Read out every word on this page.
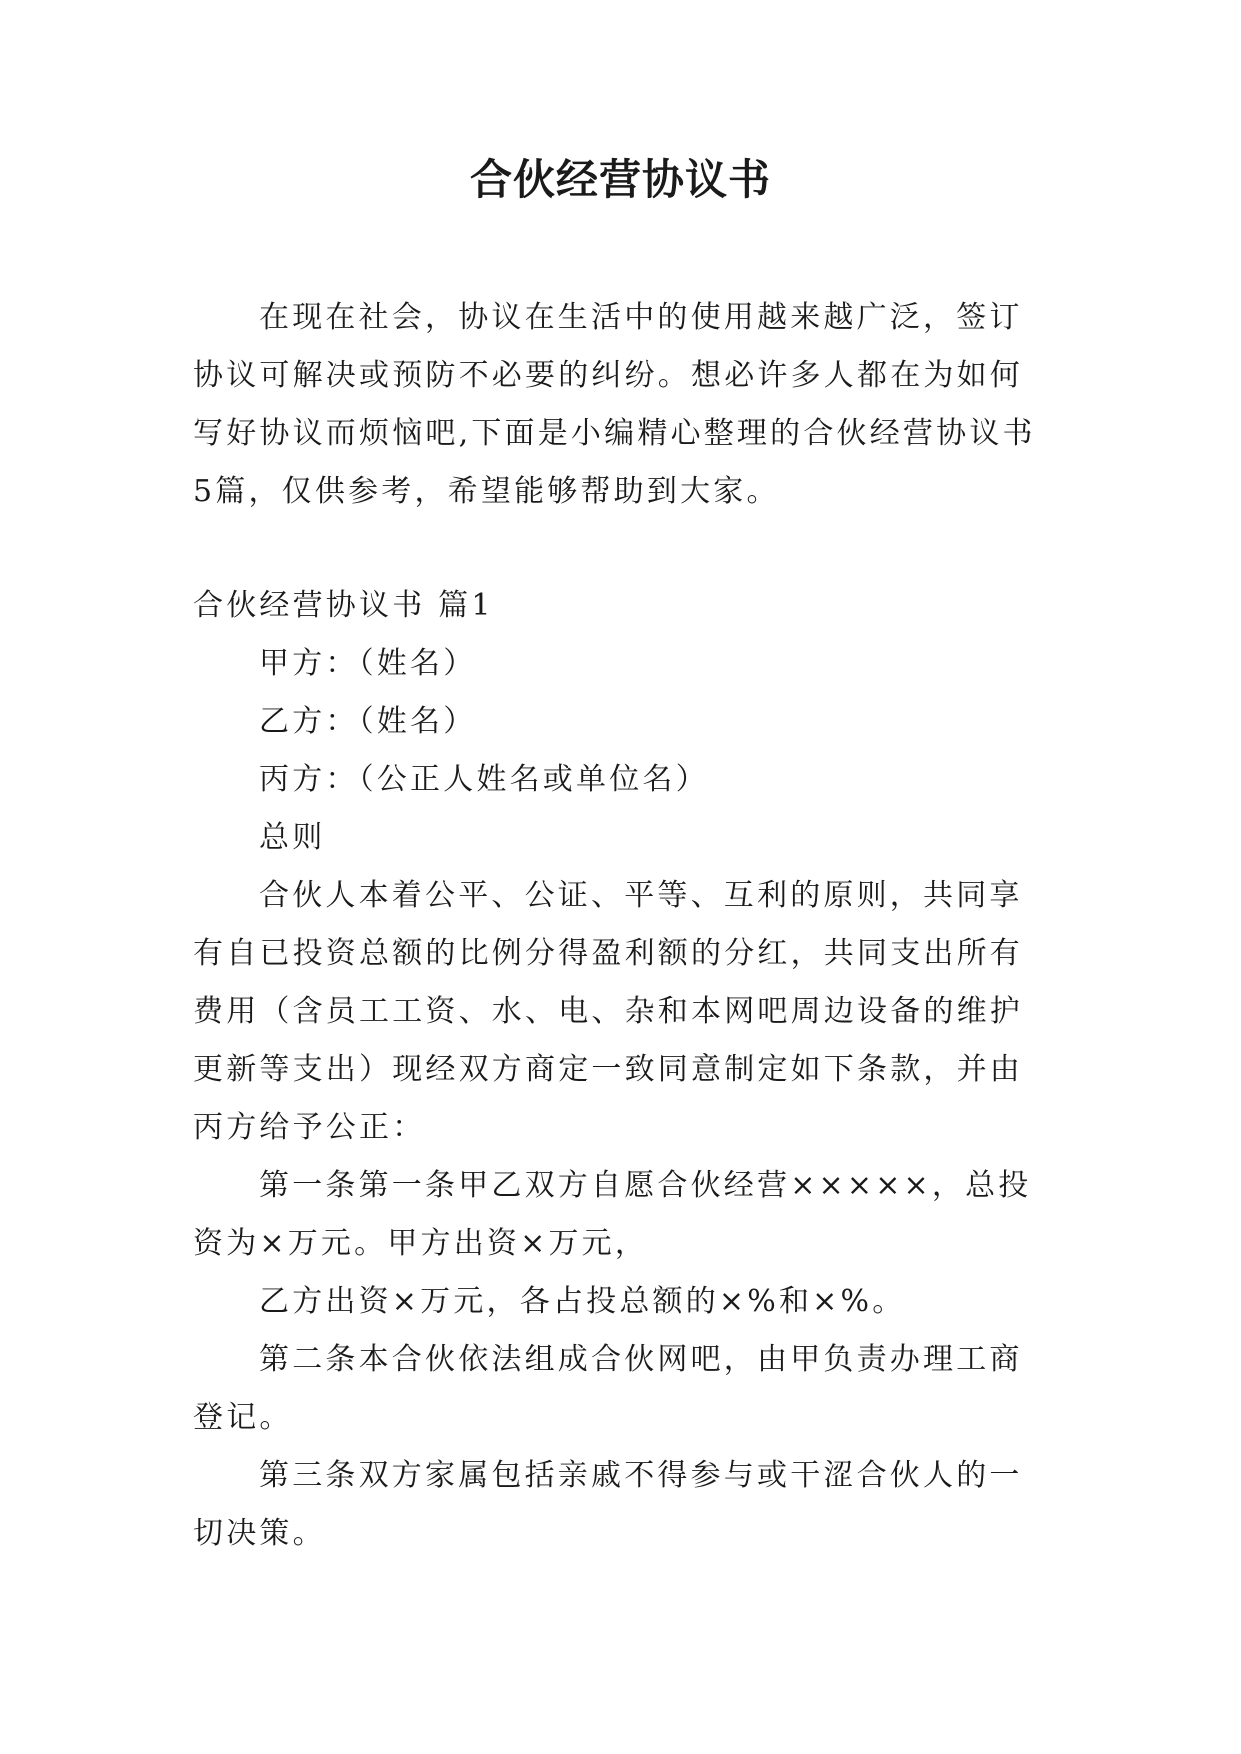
合伙经营协议书

在现在社会，协议在生活中的使用越来越广泛，签订协议可解决或预防不必要的纠纷。想必许多人都在为如何写好协议而烦恼吧,下面是小编精心整理的合伙经营协议书5篇，仅供参考，希望能够帮助到大家。

合伙经营协议书 篇1

甲方：（姓名）

乙方：（姓名）

丙方：（公正人姓名或单位名）

总则

合伙人本着公平、公证、平等、互利的原则，共同享有自已投资总额的比例分得盈利额的分红，共同支出所有费用（含员工工资、水、电、杂和本网吧周边设备的维护更新等支出）现经双方商定一致同意制定如下条款，并由丙方给予公正：

第一条第一条甲乙双方自愿合伙经营×××××，总投资为×万元。甲方出资×万元，

乙方出资×万元，各占投总额的×%和×%。

第二条本合伙依法组成合伙网吧，由甲负责办理工商登记。

第三条双方家属包括亲戚不得参与或干涩合伙人的一切决策。
